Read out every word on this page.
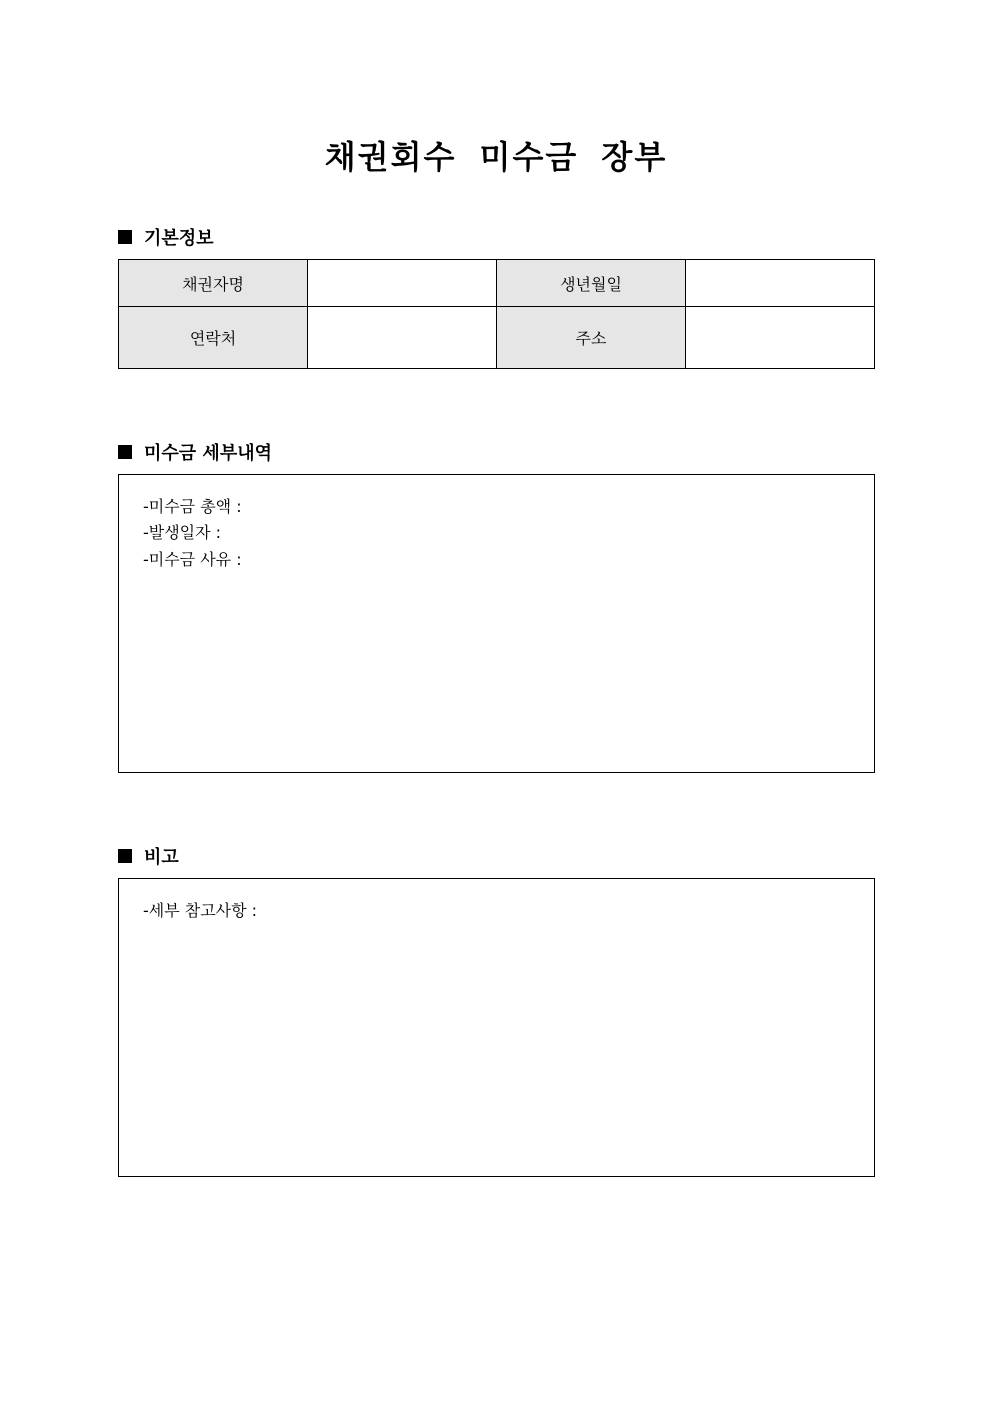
채권회수 미수금 장부
기본정보
채권자명		생년월일	
연락처		주소	
미수금 세부내역
-미수금 총액 :
-발생일자 :
-미수금 사유 :
비고
-세부 참고사항 :
